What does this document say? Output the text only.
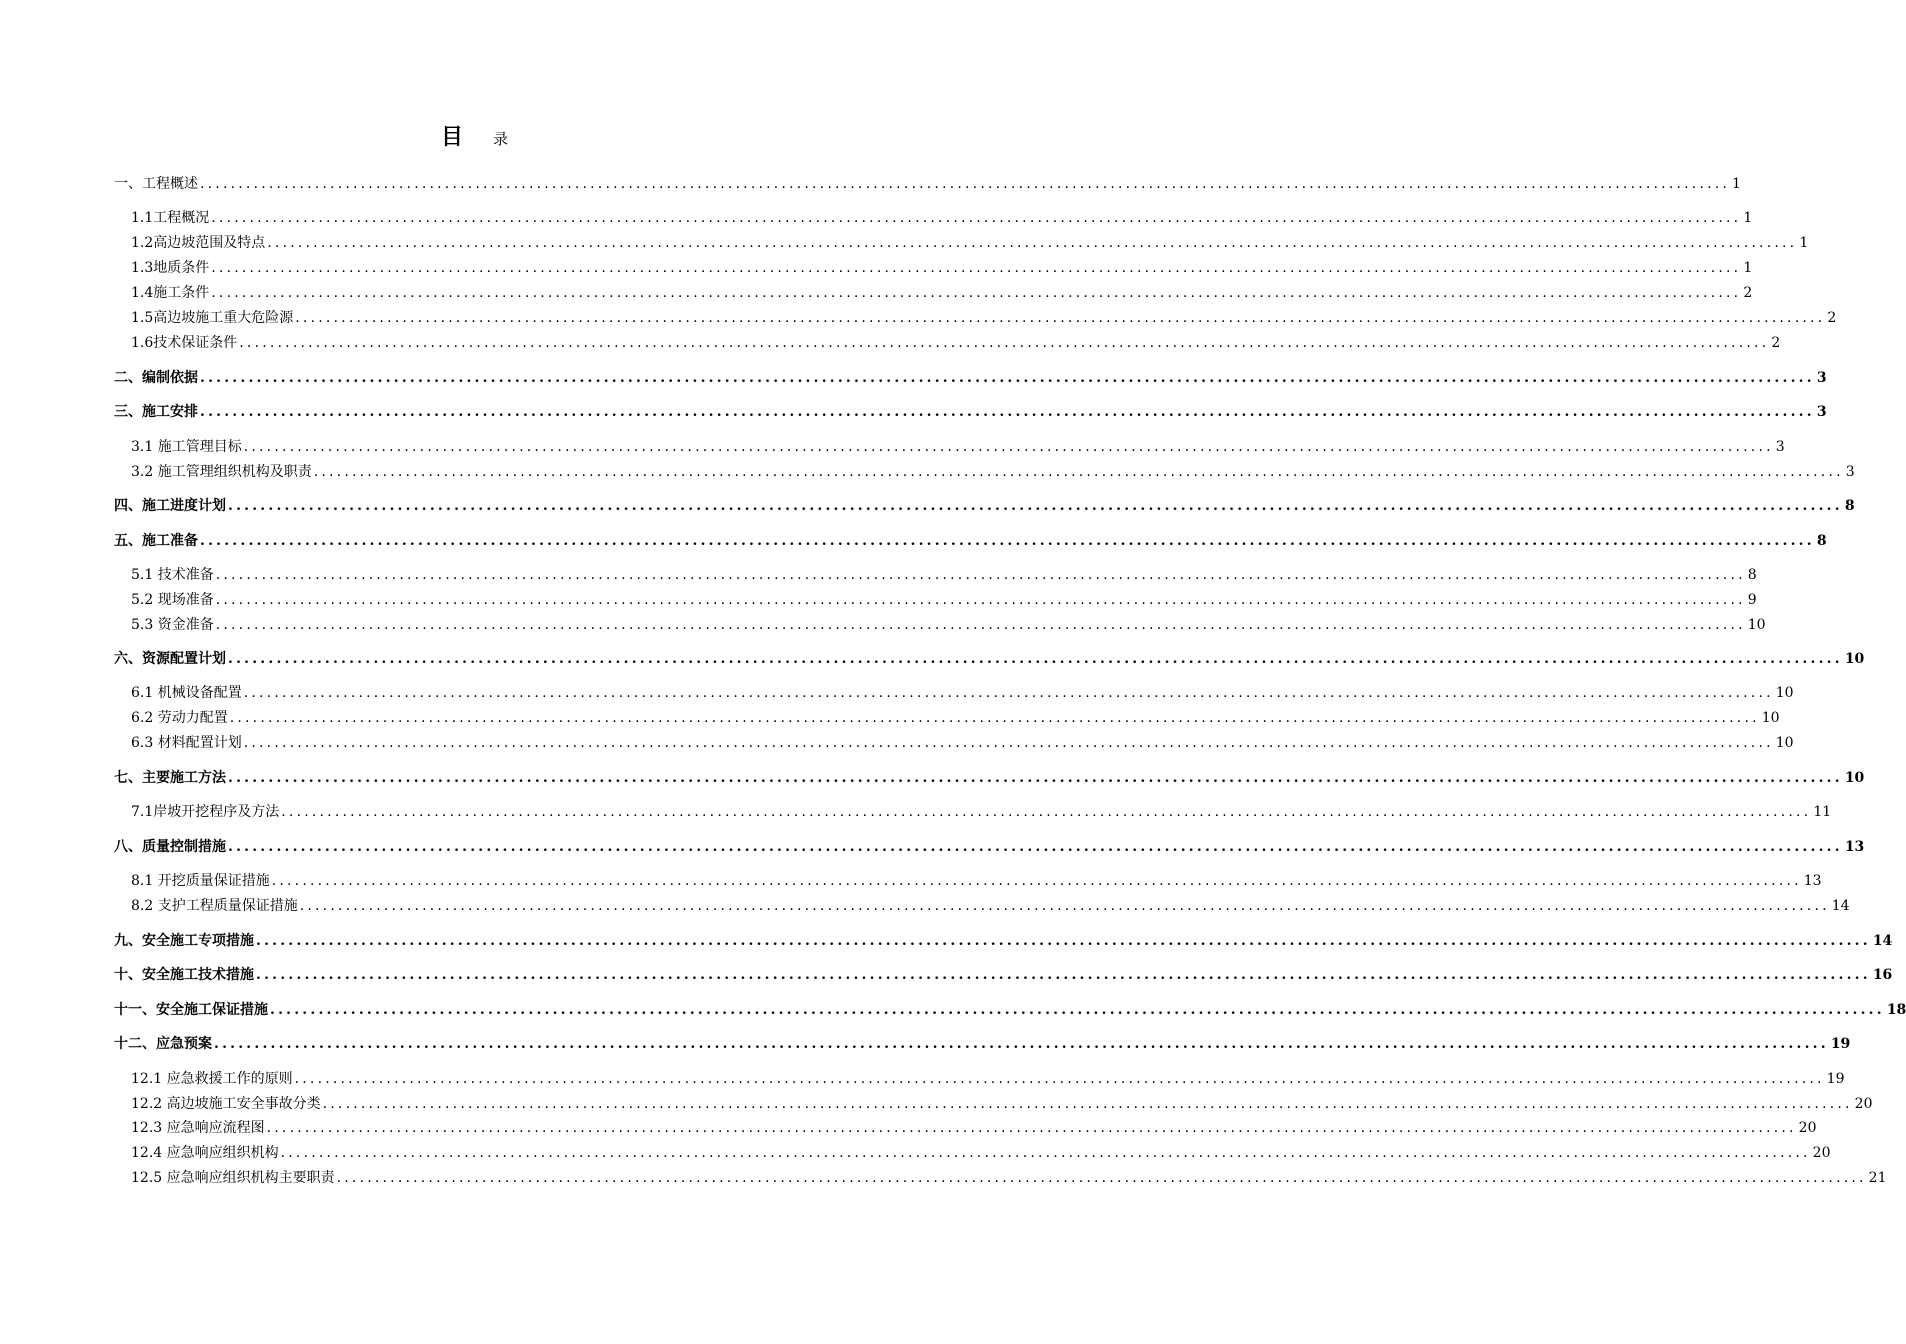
目 录
一、工程概述 ........................................................................................................................................................................................................ 1
1.1工程概况 ........................................................................................................................................................................................................ 1
1.2高边坡范围及特点 ........................................................................................................................................................................................................ 1
1.3地质条件 ........................................................................................................................................................................................................ 1
1.4施工条件 ........................................................................................................................................................................................................ 2
1.5高边坡施工重大危险源 ........................................................................................................................................................................................................ 2
1.6技术保证条件 ........................................................................................................................................................................................................ 2
二、编制依据 ........................................................................................................................................................................................................ 3
三、施工安排 ........................................................................................................................................................................................................ 3
3.1 施工管理目标 ........................................................................................................................................................................................................ 3
3.2 施工管理组织机构及职责 ........................................................................................................................................................................................................ 3
四、施工进度计划 ........................................................................................................................................................................................................ 8
五、施工准备 ........................................................................................................................................................................................................ 8
5.1 技术准备 ........................................................................................................................................................................................................ 8
5.2 现场准备 ........................................................................................................................................................................................................ 9
5.3 资金准备 ........................................................................................................................................................................................................ 10
六、资源配置计划 ........................................................................................................................................................................................................ 10
6.1 机械设备配置 ........................................................................................................................................................................................................ 10
6.2 劳动力配置 ........................................................................................................................................................................................................ 10
6.3 材料配置计划 ........................................................................................................................................................................................................ 10
七、主要施工方法 ........................................................................................................................................................................................................ 10
7.1岸坡开挖程序及方法 ........................................................................................................................................................................................................ 11
八、质量控制措施 ........................................................................................................................................................................................................ 13
8.1 开挖质量保证措施 ........................................................................................................................................................................................................ 13
8.2 支护工程质量保证措施 ........................................................................................................................................................................................................ 14
九、安全施工专项措施 ........................................................................................................................................................................................................ 14
十、安全施工技术措施 ........................................................................................................................................................................................................ 16
十一、安全施工保证措施 ........................................................................................................................................................................................................ 18
十二、应急预案 ........................................................................................................................................................................................................ 19
12.1 应急救援工作的原则 ........................................................................................................................................................................................................ 19
12.2 高边坡施工安全事故分类 ........................................................................................................................................................................................................ 20
12.3 应急响应流程图 ........................................................................................................................................................................................................ 20
12.4 应急响应组织机构 ........................................................................................................................................................................................................ 20
12.5 应急响应组织机构主要职责 ........................................................................................................................................................................................................ 21
